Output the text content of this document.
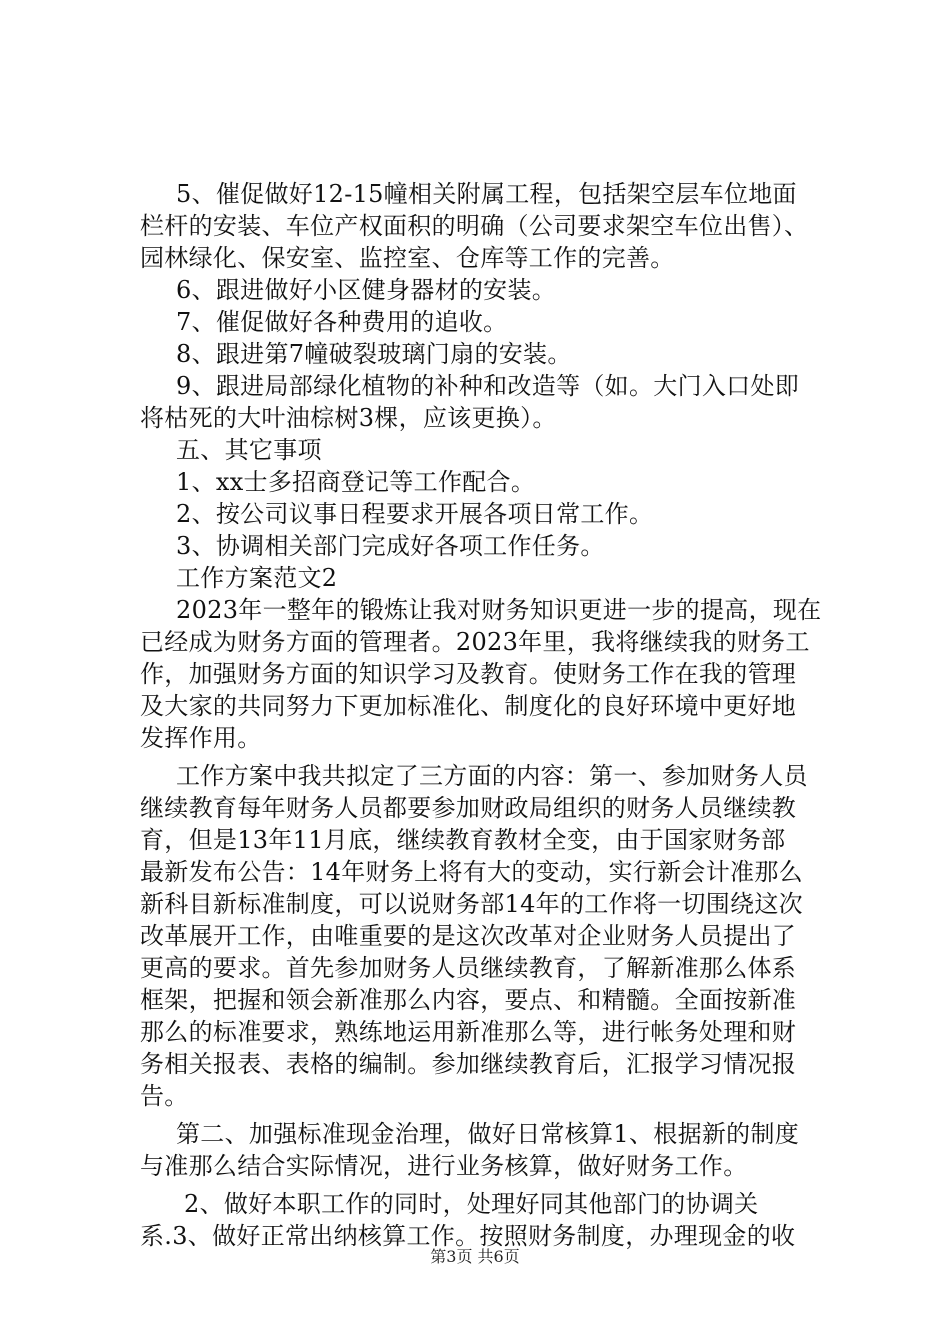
5、催促做好12-15幢相关附属工程，包括架空层车位地面
栏杆的安装、车位产权面积的明确（公司要求架空车位出售）、
园林绿化、保安室、监控室、仓库等工作的完善。
6、跟进做好小区健身器材的安装。
7、催促做好各种费用的追收。
8、跟进第7幢破裂玻璃门扇的安装。
9、跟进局部绿化植物的补种和改造等（如。大门入口处即
将枯死的大叶油棕树3棵，应该更换）。
五、其它事项
1、xx士多招商登记等工作配合。
2、按公司议事日程要求开展各项日常工作。
3、协调相关部门完成好各项工作任务。
工作方案范文2
2023年一整年的锻炼让我对财务知识更进一步的提高，现在
已经成为财务方面的管理者。2023年里，我将继续我的财务工
作，加强财务方面的知识学习及教育。使财务工作在我的管理
及大家的共同努力下更加标准化、制度化的良好环境中更好地
发挥作用。
工作方案中我共拟定了三方面的内容：第一、参加财务人员
继续教育每年财务人员都要参加财政局组织的财务人员继续教
育，但是13年11月底，继续教育教材全变，由于国家财务部
最新发布公告：14年财务上将有大的变动，实行新会计准那么
新科目新标准制度，可以说财务部14年的工作将一切围绕这次
改革展开工作，由唯重要的是这次改革对企业财务人员提出了
更高的要求。首先参加财务人员继续教育，了解新准那么体系
框架，把握和领会新准那么内容，要点、和精髓。全面按新准
那么的标准要求，熟练地运用新准那么等，进行帐务处理和财
务相关报表、表格的编制。参加继续教育后，汇报学习情况报
告。
第二、加强标准现金治理，做好日常核算1、根据新的制度
与准那么结合实际情况，进行业务核算，做好财务工作。
2、做好本职工作的同时，处理好同其他部门的协调关
系.3、做好正常出纳核算工作。按照财务制度，办理现金的收
第3页 共6页
